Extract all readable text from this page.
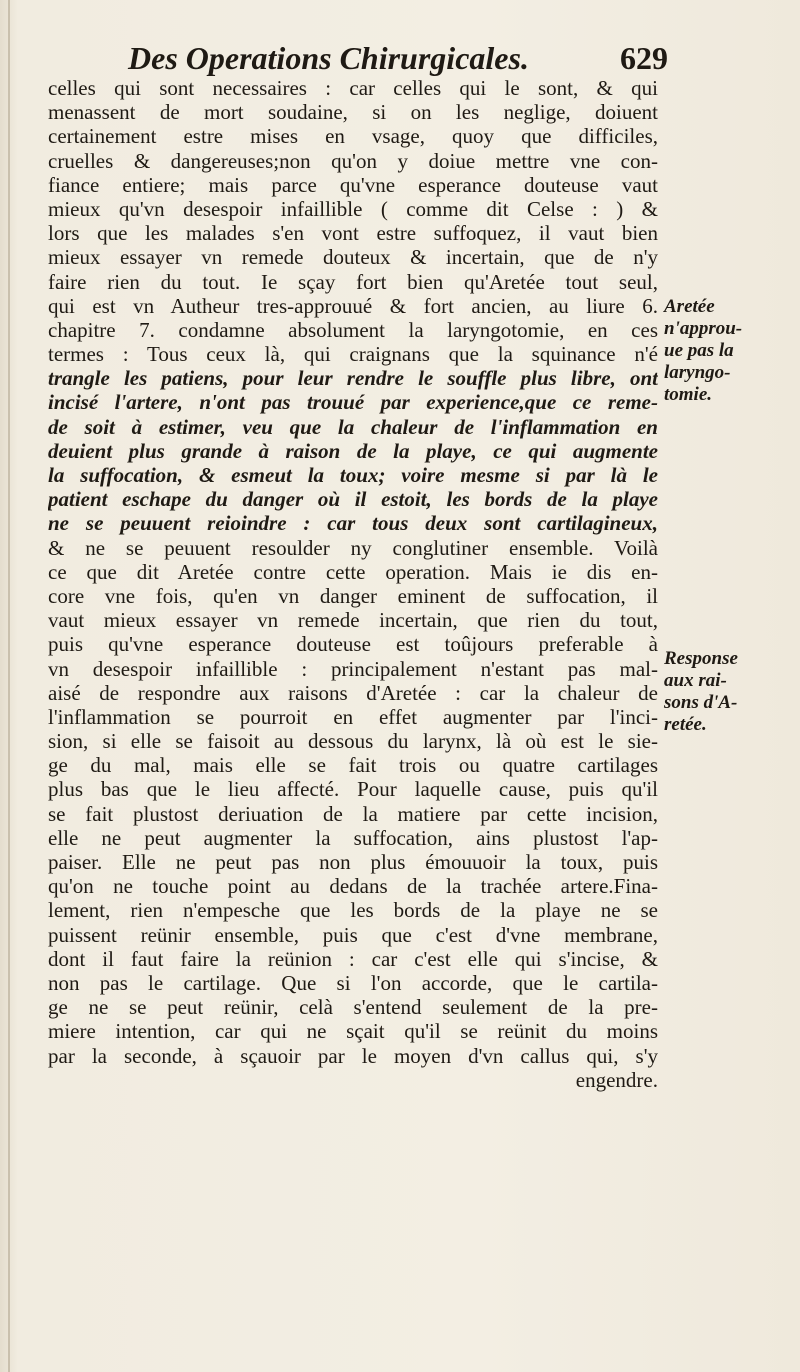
Des Operations Chirurgicales.	629
celles qui sont necessaires : car celles qui le sont, & qui
menassent de mort soudaine, si on les neglige, doiuent
certainement estre mises en vsage, quoy que difficiles,
cruelles & dangereuses;non qu'on y doiue mettre vne con-
fiance entiere; mais parce qu'vne esperance douteuse vaut
mieux qu'vn desespoir infaillible ( comme dit Celse : ) &
lors que les malades s'en vont estre suffoquez, il vaut bien
mieux essayer vn remede douteux & incertain, que de n'y
faire rien du tout. Ie sçay fort bien qu'Aretée tout seul,
qui est vn Autheur tres-approuué & fort ancien, au liure 6.
chapitre 7. condamne absolument la laryngotomie, en ces
termes : Tous ceux là, qui craignans que la squinance n'é
trangle les patiens, pour leur rendre le souffle plus libre, ont
incisé l'artere, n'ont pas trouué par experience,que ce reme-
de soit à estimer, veu que la chaleur de l'inflammation en
deuient plus grande à raison de la playe, ce qui augmente
la suffocation, & esmeut la toux; voire mesme si par là le
patient eschape du danger où il estoit, les bords de la playe
ne se peuuent reioindre : car tous deux sont cartilagineux,
& ne se peuuent resoulder ny conglutiner ensemble. Voilà
ce que dit Aretée contre cette operation. Mais ie dis en-
core vne fois, qu'en vn danger eminent de suffocation, il
vaut mieux essayer vn remede incertain, que rien du tout,
puis qu'vne esperance douteuse est toûjours preferable à
vn desespoir infaillible : principalement n'estant pas mal-
aisé de respondre aux raisons d'Aretée : car la chaleur de
l'inflammation se pourroit en effet augmenter par l'inci-
sion, si elle se faisoit au dessous du larynx, là où est le sie-
ge du mal, mais elle se fait trois ou quatre cartilages
plus bas que le lieu affecté. Pour laquelle cause, puis qu'il
se fait plustost deriuation de la matiere par cette incision,
elle ne peut augmenter la suffocation, ains plustost l'ap-
paiser. Elle ne peut pas non plus émouuoir la toux, puis
qu'on ne touche point au dedans de la trachée artere.Fina-
lement, rien n'empesche que les bords de la playe ne se
puissent reünir ensemble, puis que c'est d'vne membrane,
dont il faut faire la reünion : car c'est elle qui s'incise, &
non pas le cartilage. Que si l'on accorde, que le cartila-
ge ne se peut reünir, celà s'entend seulement de la pre-
miere intention, car qui ne sçait qu'il se reünit du moins
par la seconde, à sçauoir par le moyen d'vn callus qui, s'y
engendre.
Aretée
n'approu-
ue pas la
laryngo-
tomie.
Response
aux rai-
sons d'A-
retée.
